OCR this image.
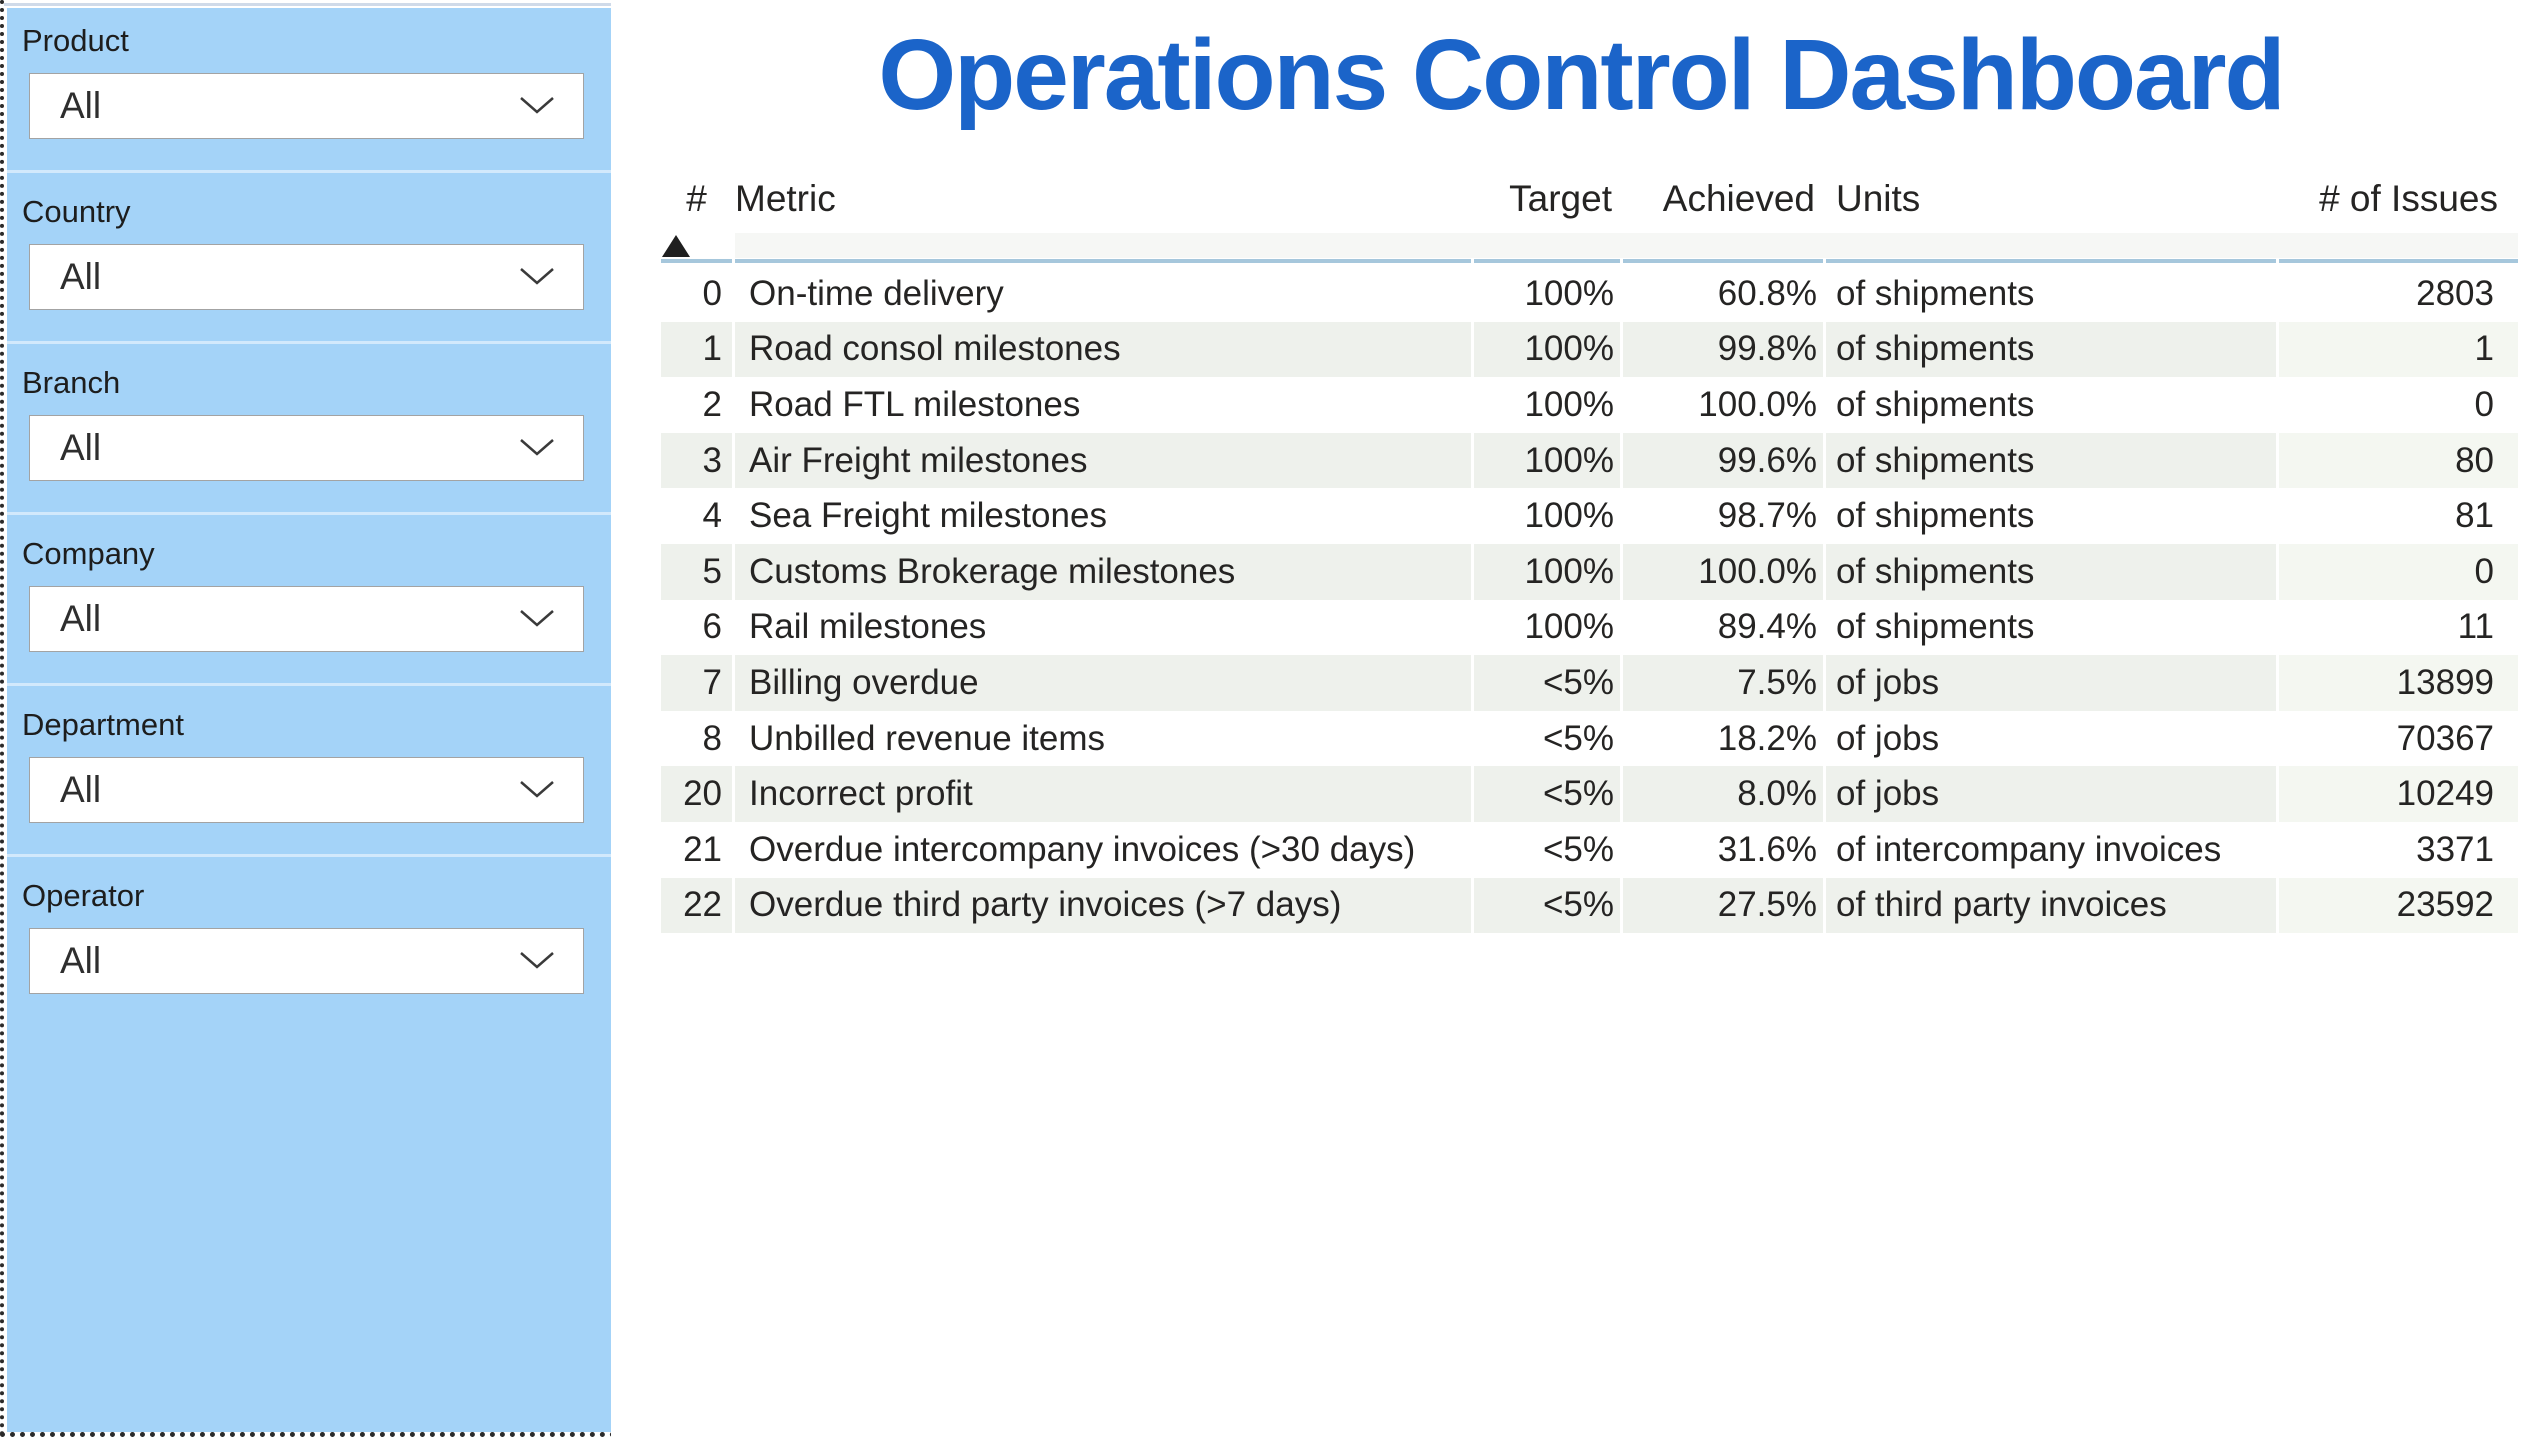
Product
All
Country
All
Branch
All
Company
All
Department
All
Operator
All
Operations Control Dashboard
# Metric	Target	Achieved Units	# of Issues
0 On-time delivery	100%	60.8% of shipments	2803
1 Road consol milestones	100%	99.8% of shipments	1
2 Road FTL milestones	100%	100.0% of shipments	0
3 Air Freight milestones	100%	99.6% of shipments	80
4 Sea Freight milestones	100%	98.7% of shipments	81
5 Customs Brokerage milestones	100%	100.0% of shipments	0
6 Rail milestones	100%	89.4% of shipments	11
7 Billing overdue	<5%	7.5% of jobs	13899
8 Unbilled revenue items	<5%	18.2% of jobs	70367
20 Incorrect profit	<5%	8.0% of jobs	10249
21 Overdue intercompany invoices (>30 days)	<5%	31.6% of intercompany invoices	3371
22 Overdue third party invoices (>7 days)	<5%	27.5% of third party invoices	23592
